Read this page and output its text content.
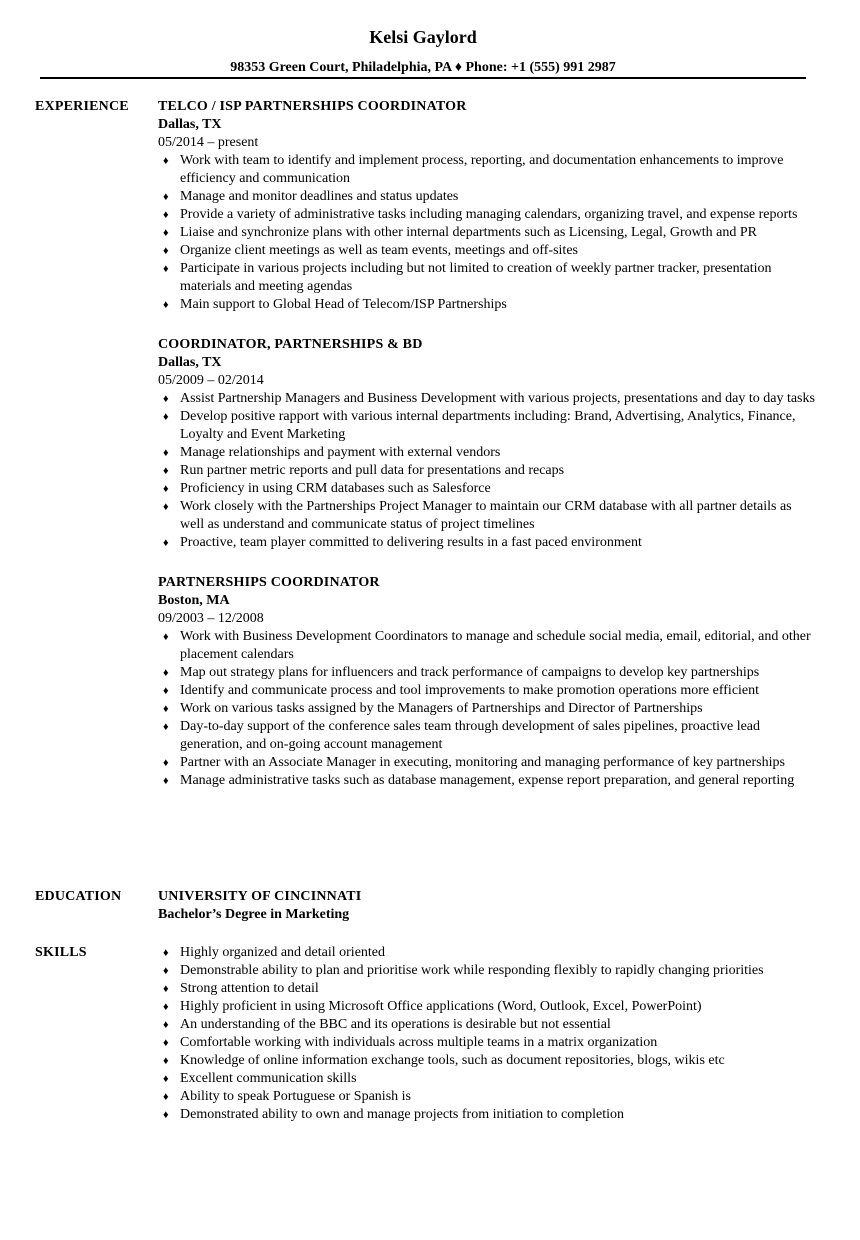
Kelsi Gaylord
98353 Green Court, Philadelphia, PA ♦ Phone: +1 (555) 991 2987
EXPERIENCE TELCO / ISP PARTNERSHIPS COORDINATOR
Dallas, TX
05/2014 – present
♦ Work with team to identify and implement process, reporting, and documentation enhancements to improve efficiency and communication
♦ Manage and monitor deadlines and status updates
♦ Provide a variety of administrative tasks including managing calendars, organizing travel, and expense reports
♦ Liaise and synchronize plans with other internal departments such as Licensing, Legal, Growth and PR
♦ Organize client meetings as well as team events, meetings and off-sites
♦ Participate in various projects including but not limited to creation of weekly partner tracker, presentation materials and meeting agendas
♦ Main support to Global Head of Telecom/ISP Partnerships
COORDINATOR, PARTNERSHIPS & BD
Dallas, TX
05/2009 – 02/2014
♦ Assist Partnership Managers and Business Development with various projects, presentations and day to day tasks
♦ Develop positive rapport with various internal departments including: Brand, Advertising, Analytics, Finance, Loyalty and Event Marketing
♦ Manage relationships and payment with external vendors
♦ Run partner metric reports and pull data for presentations and recaps
♦ Proficiency in using CRM databases such as Salesforce
♦ Work closely with the Partnerships Project Manager to maintain our CRM database with all partner details as well as understand and communicate status of project timelines
♦ Proactive, team player committed to delivering results in a fast paced environment
PARTNERSHIPS COORDINATOR
Boston, MA
09/2003 – 12/2008
♦ Work with Business Development Coordinators to manage and schedule social media, email, editorial, and other placement calendars
♦ Map out strategy plans for influencers and track performance of campaigns to develop key partnerships
♦ Identify and communicate process and tool improvements to make promotion operations more efficient
♦ Work on various tasks assigned by the Managers of Partnerships and Director of Partnerships
♦ Day-to-day support of the conference sales team through development of sales pipelines, proactive lead generation, and on-going account management
♦ Partner with an Associate Manager in executing, monitoring and managing performance of key partnerships
♦ Manage administrative tasks such as database management, expense report preparation, and general reporting
EDUCATION	UNIVERSITY OF CINCINNATI
Bachelor’s Degree in Marketing
SKILLS	♦ Highly organized and detail oriented
♦ Demonstrable ability to plan and prioritise work while responding flexibly to rapidly changing priorities
♦ Strong attention to detail
♦ Highly proficient in using Microsoft Office applications (Word, Outlook, Excel, PowerPoint)
♦ An understanding of the BBC and its operations is desirable but not essential
♦ Comfortable working with individuals across multiple teams in a matrix organization
♦ Knowledge of online information exchange tools, such as document repositories, blogs, wikis etc
♦ Excellent communication skills
♦ Ability to speak Portuguese or Spanish is
♦ Demonstrated ability to own and manage projects from initiation to completion
